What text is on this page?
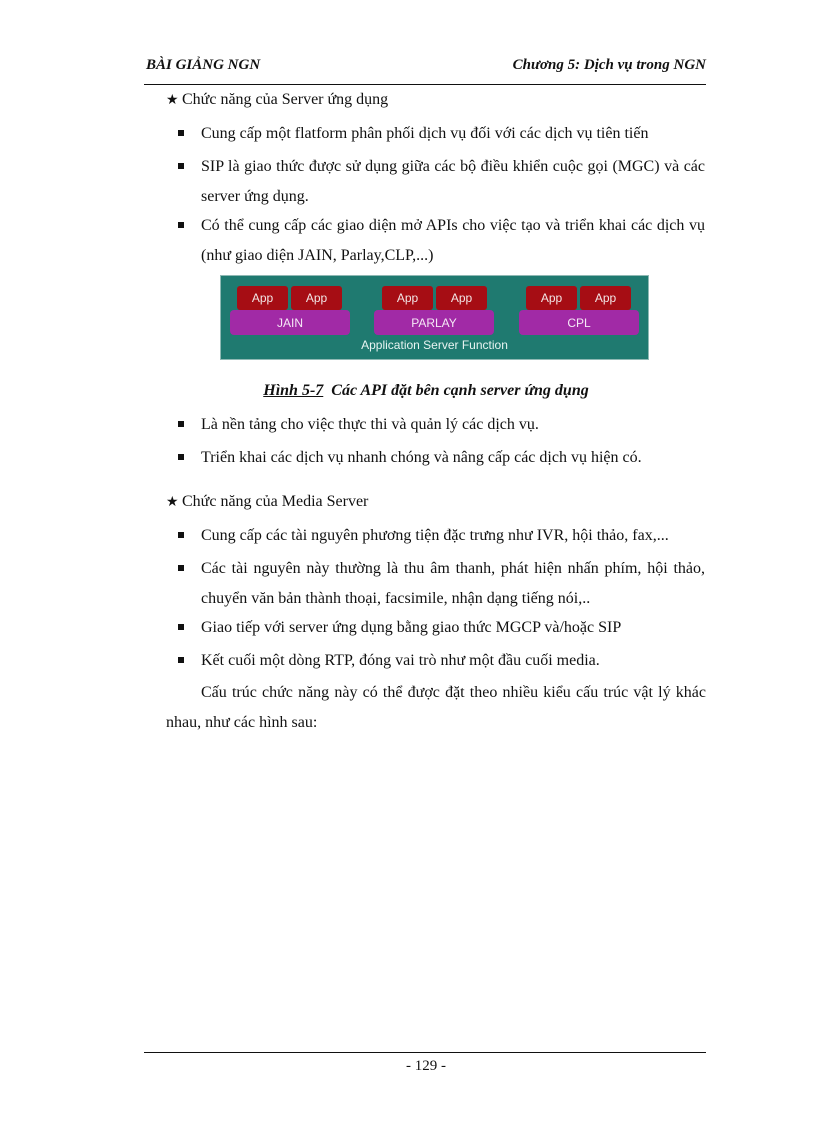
BÀI GIẢNG NGN	Chương 5: Dịch vụ trong NGN
★ Chức năng của Server ứng dụng
Cung cấp một flatform phân phối dịch vụ đối với các dịch vụ tiên tiến
SIP là giao thức được sử dụng giữa các bộ điều khiển cuộc gọi (MGC) và các server ứng dụng.
Có thể cung cấp các giao diện mở APIs cho việc tạo và triển khai các dịch vụ (như giao diện JAIN, Parlay,CLP,...)
App	App	App	App	App	App
JAIN	PARLAY	CPL
Application Server Function
Hình 5-7 Các API đặt bên cạnh server ứng dụng
Là nền tảng cho việc thực thi và quản lý các dịch vụ.
Triển khai các dịch vụ nhanh chóng và nâng cấp các dịch vụ hiện có.
★ Chức năng của Media Server
Cung cấp các tài nguyên phương tiện đặc trưng như IVR, hội thảo, fax,...
Các tài nguyên này thường là thu âm thanh, phát hiện nhấn phím, hội thảo, chuyển văn bản thành thoại, facsimile, nhận dạng tiếng nói,..
Giao tiếp với server ứng dụng bằng giao thức MGCP và/hoặc SIP
Kết cuối một dòng RTP, đóng vai trò như một đầu cuối media.
Cấu trúc chức năng này có thể được đặt theo nhiều kiểu cấu trúc vật lý khác nhau, như các hình sau:
- 129 -
